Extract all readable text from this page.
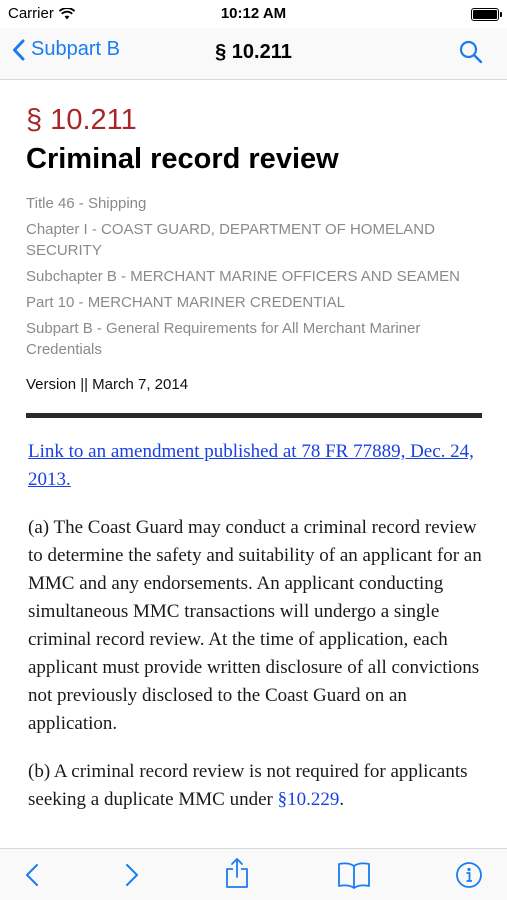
Carrier	10:12 AM
Subpart B	§ 10.211
§ 10.211
Criminal record review
Title 46 - Shipping
Chapter I - COAST GUARD, DEPARTMENT OF HOMELAND SECURITY
Subchapter B - MERCHANT MARINE OFFICERS AND SEAMEN
Part 10 - MERCHANT MARINER CREDENTIAL
Subpart B - General Requirements for All Merchant Mariner Credentials
Version || March 7, 2014

Link to an amendment published at 78 FR 77889, Dec. 24, 2013.

(a) The Coast Guard may conduct a criminal record review to determine the safety and suitability of an applicant for an MMC and any endorsements. An applicant conducting simultaneous MMC transactions will undergo a single criminal record review. At the time of application, each applicant must provide written disclosure of all convictions not previously disclosed to the Coast Guard on an application.

(b) A criminal record review is not required for applicants seeking a duplicate MMC under §10.229.
